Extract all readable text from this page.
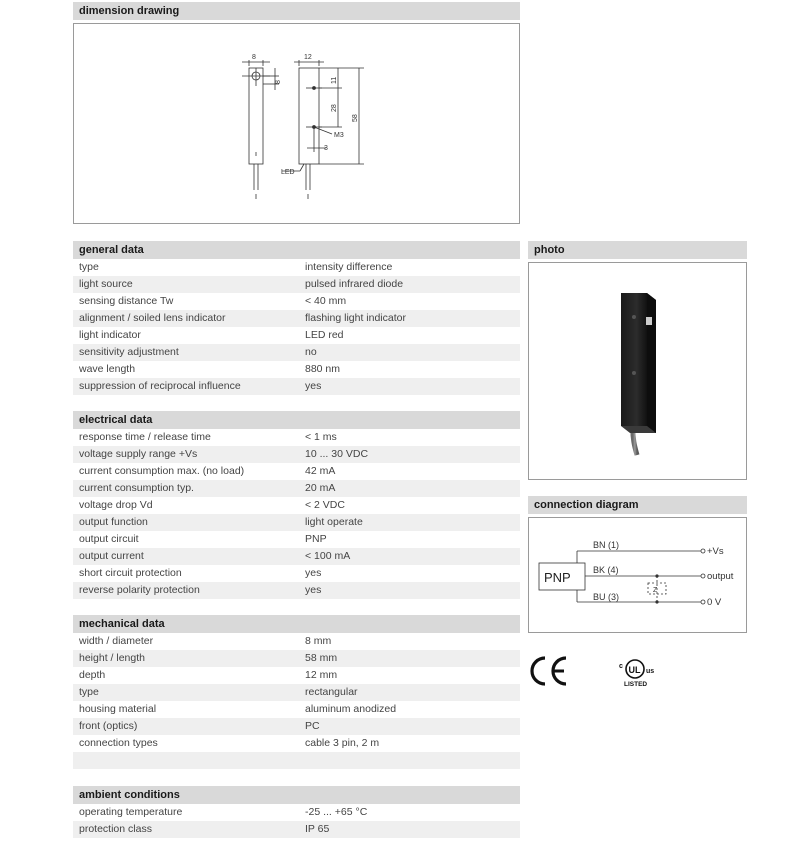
dimension drawing
8	12
8	11
28
58
M3
3
LED
general data
type	intensity difference
light source	pulsed infrared diode
sensing distance Tw	< 40 mm
alignment / soiled lens indicator	flashing light indicator
light indicator	LED red
sensitivity adjustment	no
wave length	880 nm
suppression of reciprocal influence	yes
electrical data
response time / release time	< 1 ms
voltage supply range +Vs	10 ... 30 VDC
current consumption max. (no load)	42 mA
current consumption typ.	20 mA
voltage drop Vd	< 2 VDC
output function	light operate
output circuit	PNP
output current	< 100 mA
short circuit protection	yes
reverse polarity protection	yes
mechanical data
width / diameter	8 mm
height / length	58 mm
depth	12 mm
type	rectangular
housing material	aluminum anodized
front (optics)	PC
connection types	cable 3 pin, 2 m
ambient conditions
operating temperature	-25 ... +65 °C
protection class	IP 65
photo
connection diagram
PNP
BN (1)
BK (4)
BU (3)
Z
+Vs
output
0 V
UL
c
us
LISTED
